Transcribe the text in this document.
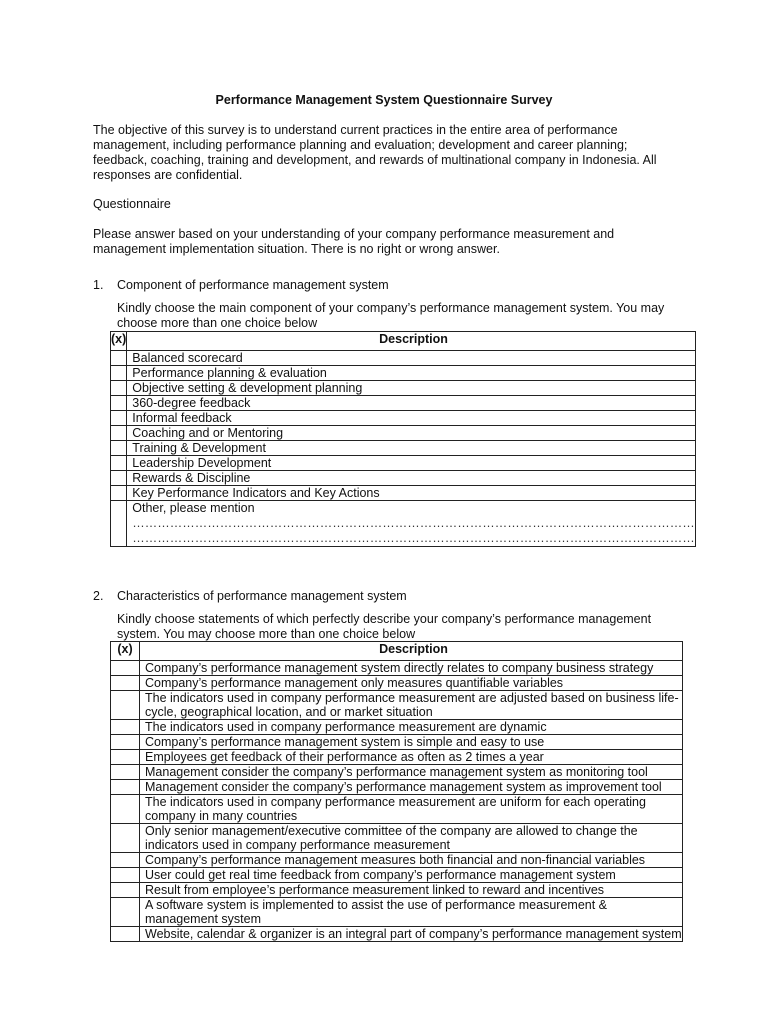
Performance Management System Questionnaire Survey
The objective of this survey is to understand current practices in the entire area of performance management, including performance planning and evaluation; development and career planning; feedback, coaching, training and development, and rewards of multinational company in Indonesia. All responses are confidential.
Questionnaire
Please answer based on your understanding of your company performance measurement and management implementation situation. There is no right or wrong answer.
1.	Component of performance management system
Kindly choose the main component of your company’s performance management system. You may choose more than one choice below
(x)	Description
	Balanced scorecard
	Performance planning & evaluation
	Objective setting & development planning
	360-degree feedback
	Informal feedback
	Coaching and or Mentoring
	Training & Development
	Leadership Development
	Rewards & Discipline
	Key Performance Indicators and Key Actions

	Other, please mention
………………………………………………………………………………………………………………………
………………………………………………………………………………………………………………………
2.	Characteristics of performance management system
Kindly choose statements of which perfectly describe your company’s performance management system. You may choose more than one choice below
(x)	Description
	Company’s performance management system directly relates to company business strategy
	Company’s performance management only measures quantifiable variables
	The indicators used in company performance measurement are adjusted based on business life-cycle, geographical location, and or market situation
	The indicators used in company performance measurement are dynamic
	Company’s performance management system is simple and easy to use
	Employees get feedback of their performance as often as 2 times a year
	Management consider the company’s performance management system as monitoring tool
	Management consider the company’s performance management system as improvement tool
	The indicators used in company performance measurement are uniform for each operating company in many countries
	Only senior management/executive committee of the company are allowed to change the indicators used in company performance measurement
	Company’s performance management measures both financial and non-financial variables
	User could get real time feedback from company’s performance management system
	Result from employee’s performance measurement linked to reward and incentives
	A software system is implemented to assist the use of performance measurement & management system
	Website, calendar & organizer is an integral part of company’s performance management system
